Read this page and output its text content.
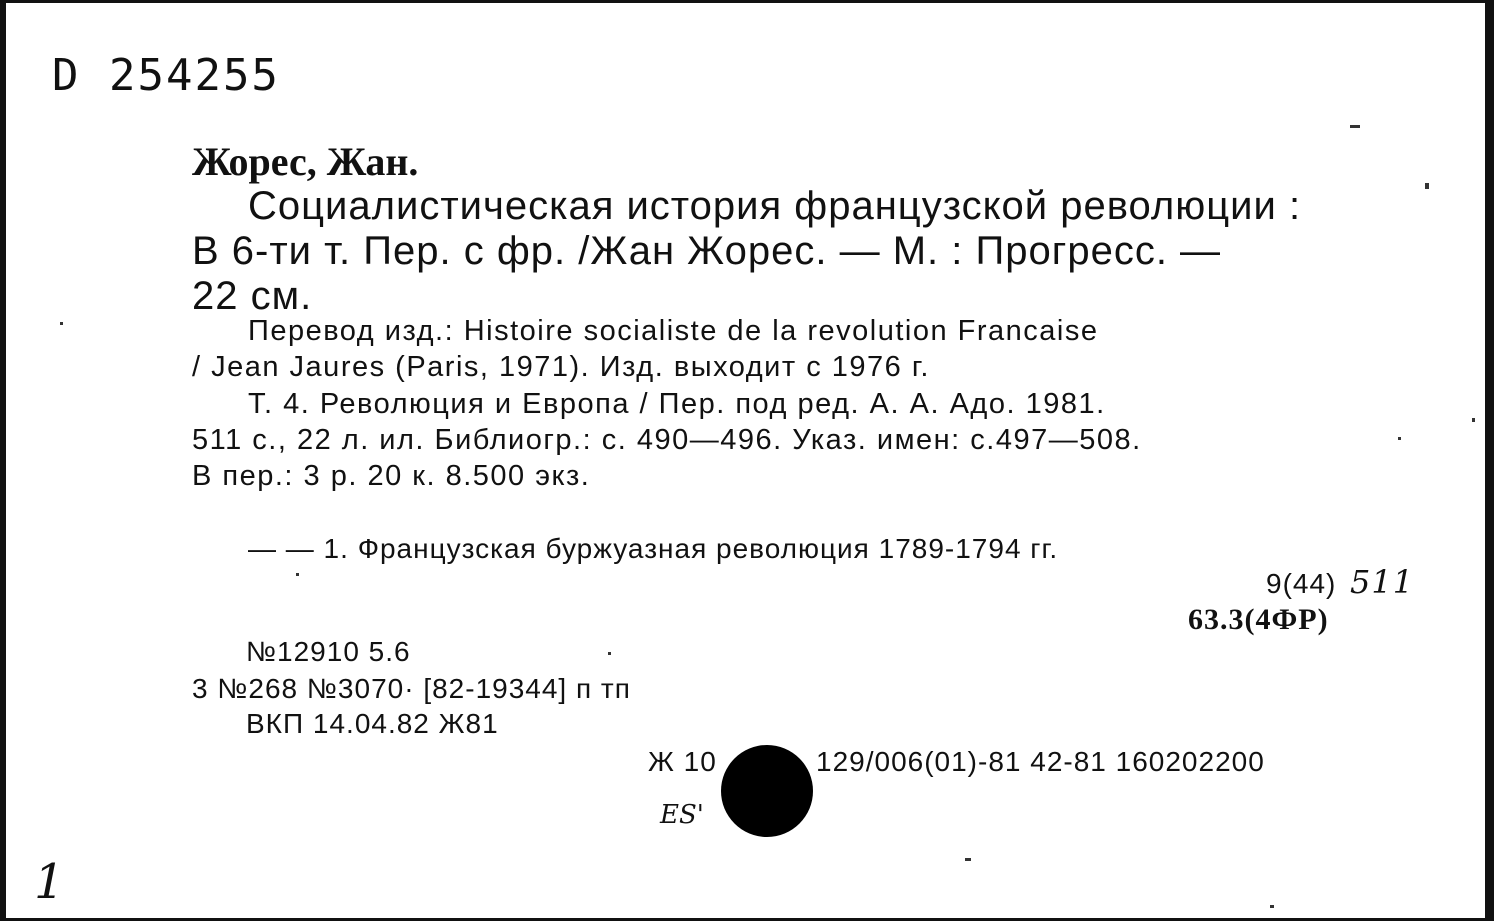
D 254255
Жорес, Жан.
Социалистическая история французской революции :
В 6-ти т. Пер. с фр. /Жан Жорес. — М. : Прогресс. —
22 см.
Перевод изд.: Histoire socialiste de la revolution Francaise
/ Jean Jaures (Paris, 1971). Изд. выходит с 1976 г.
Т. 4. Революция и Европа / Пер. под ред. А. А. Адо. 1981.
511 с., 22 л. ил. Библиогр.: с. 490—496. Указ. имен: с.497—508.
В пер.: 3 р. 20 к. 8.500 экз.
— — 1. Французская буржуазная революция 1789-1794 гг.
9(44) 511
63.3(4ФР)
№12910 5.6
3 №268 №3070· [82-19344] п тп
ВКП 14.04.82 Ж81
Ж 10	129/006(01)-81 42-81 160202200
ES'
1
